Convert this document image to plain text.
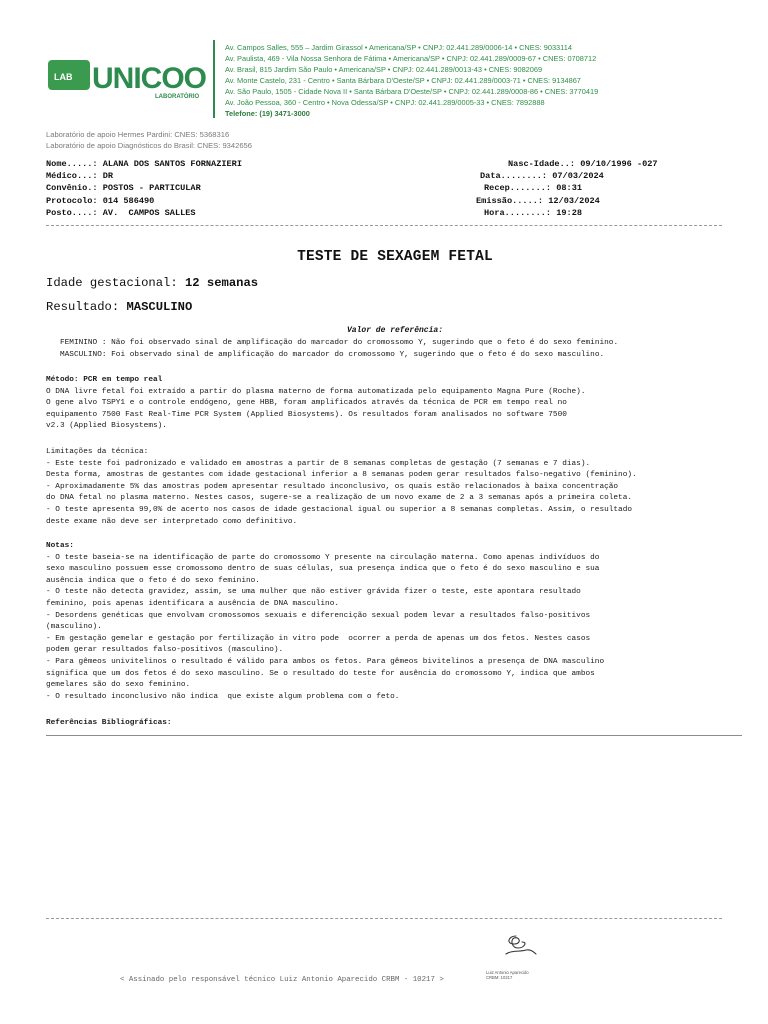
LAB UNICOO
LABORATÓRIO
Av. Campos Salles, 555 – Jardim Girassol • Americana/SP • CNPJ: 02.441.289/0006-14 • CNES: 9033114
Av. Paulista, 469 - Vila Nossa Senhora de Fátima • Americana/SP • CNPJ: 02.441.289/0009-67 • CNES: 0708712
Av. Brasil, 815 Jardim São Paulo • Americana/SP • CNPJ: 02.441.289/0013-43 • CNES: 9082069
Av. Monte Castelo, 231 - Centro • Santa Bárbara D'Oeste/SP • CNPJ: 02.441.289/0003-71 • CNES: 9134867
Av. São Paulo, 1505 - Cidade Nova II • Santa Bárbara D'Oeste/SP • CNPJ: 02.441.289/0008-86 • CNES: 3770419
Av. João Pessoa, 360 - Centro • Nova Odessa/SP • CNPJ: 02.441.289/0005-33 • CNES: 7892888
Telefone: (19) 3471-3000
Laboratório de apoio Hermes Pardini: CNES: 5368316
Laboratório de apoio Diagnósticos do Brasil: CNES: 9342656
Nome.....: ALANA DOS SANTOS FORNAZIERI
Médico...: DR
Convênio.: POSTOS - PARTICULAR
Protocolo: 014 586490
Posto....: AV.  CAMPOS SALLES
Nasc-Idade..: 09/10/1996 -027
Data........: 07/03/2024
Recep.......: 08:31
Emissão.....: 12/03/2024
Hora........: 19:28
TESTE DE SEXAGEM FETAL
Idade gestacional: 12 semanas
Resultado: MASCULINO
Valor de referência:
FEMININO : Não foi observado sinal de amplificação do marcador do cromossomo Y, sugerindo que o feto é do sexo feminino.
MASCULINO: Foi observado sinal de amplificação do marcador do cromossomo Y, sugerindo que o feto é do sexo masculino.
Método: PCR em tempo real
O DNA livre fetal foi extraído a partir do plasma materno de forma automatizada pelo equipamento Magna Pure (Roche).
O gene alvo TSPY1 e o controle endógeno, gene HBB, foram amplificados através da técnica de PCR em tempo real no
equipamento 7500 Fast Real-Time PCR System (Applied Biosystems). Os resultados foram analisados no software 7500
v2.3 (Applied Biosystems).
Limitações da técnica:
- Este teste foi padronizado e validado em amostras a partir de 8 semanas completas de gestação (7 semanas e 7 dias).
Desta forma, amostras de gestantes com idade gestacional inferior a 8 semanas podem gerar resultados falso-negativo (feminino).
- Aproximadamente 5% das amostras podem apresentar resultado inconclusivo, os quais estão relacionados à baixa concentração
do DNA fetal no plasma materno. Nestes casos, sugere-se a realização de um novo exame de 2 a 3 semanas após a primeira coleta.
- O teste apresenta 99,0% de acerto nos casos de idade gestacional igual ou superior a 8 semanas completas. Assim, o resultado
deste exame não deve ser interpretado como definitivo.
Notas:
- O teste baseia-se na identificação de parte do cromossomo Y presente na circulação materna. Como apenas indivíduos do
sexo masculino possuem esse cromossomo dentro de suas células, sua presença indica que o feto é do sexo masculino e sua
ausência indica que o feto é do sexo feminino.
- O teste não detecta gravidez, assim, se uma mulher que não estiver grávida fizer o teste, este apontara resultado
feminino, pois apenas identificara a ausência de DNA masculino.
- Desordens genéticas que envolvam cromossomos sexuais e diferencição sexual podem levar a resultados falso-positivos
(masculino).
- Em gestação gemelar e gestação por fertilização in vitro pode  ocorrer a perda de apenas um dos fetos. Nestes casos
podem gerar resultados falso-positivos (masculino).
- Para gêmeos univitelinos o resultado é válido para ambos os fetos. Para gêmeos bivitelinos a presença de DNA masculino
significa que um dos fetos é do sexo masculino. Se o resultado do teste for ausência do cromossomo Y, indica que ambos
gemelares são do sexo feminino.
- O resultado inconclusivo não indica  que existe algum problema com o feto.
Referências Bibliográficas:
Luiz Antonio Aparecido
CRBM: 10217
< Assinado pelo responsável técnico Luiz Antonio Aparecido CRBM - 10217 >
